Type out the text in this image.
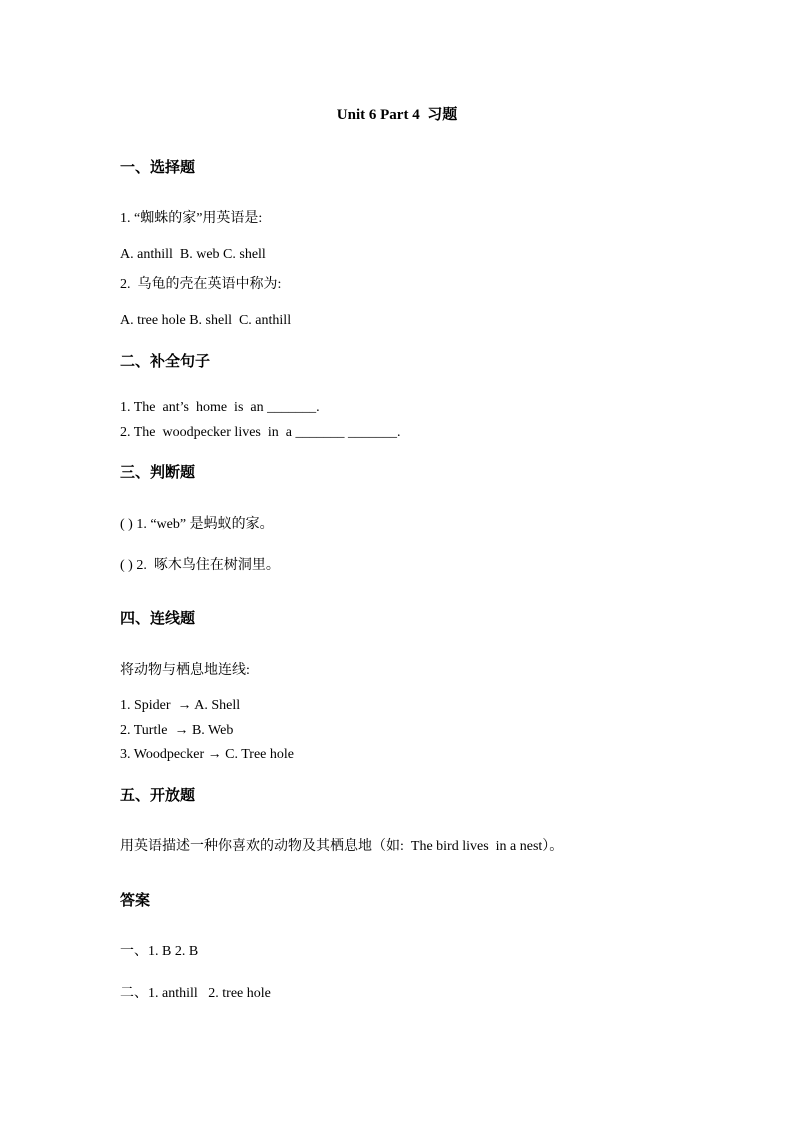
Unit 6 Part 4  习题
一、选择题
1. “蜘蛛的家”用英语是:
A. anthill  B. web C. shell
2.  乌龟的壳在英语中称为:
A. tree hole B. shell  C. anthill
二、补全句子
1. The  ant’s  home  is  an _______.
2. The  woodpecker lives  in  a _______ _______.
三、判断题
( ) 1. “web” 是蚂蚁的家。
( ) 2.  啄木鸟住在树洞里。
四、连线题
将动物与栖息地连线:
1. Spider  → A. Shell
2. Turtle  → B. Web
3. Woodpecker → C. Tree hole
五、开放题
用英语描述一种你喜欢的动物及其栖息地（如:  The bird lives  in a nest）。
答案
一、1. B 2. B
二、1. anthill   2. tree hole
